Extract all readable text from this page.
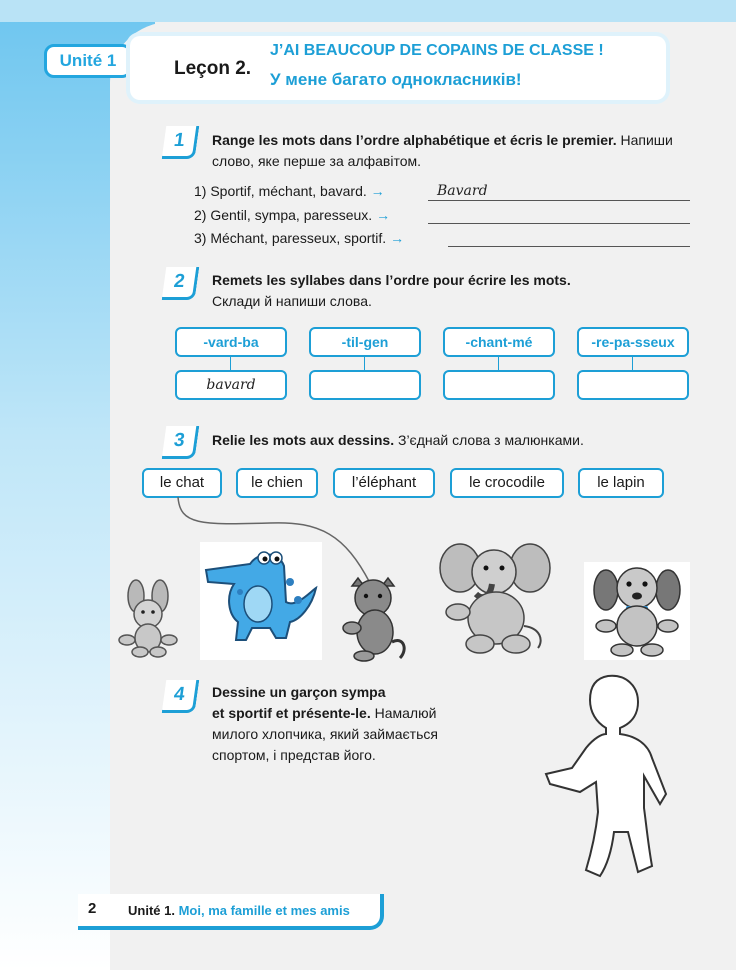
Unité 1	Leçon 2.
J’AI BEAUCOUP DE COPAINS DE CLASSE !
У мене багато однокласників!
1	Range les mots dans l’ordre alphabétique et écris le premier. Напиши слово, яке перше за алфавітом.
1) Sportif, méchant, bavard. →	Bavard
2) Gentil, sympa, paresseux. →
3) Méchant, paresseux, sportif. →
2	Remets les syllabes dans l’ordre pour écrire les mots.
Склади й напиши слова.
-vard-ba	-til-gen	-chant-mé	-re-pa-sseux
bavard
3	Relie les mots aux dessins. З’єднай слова з малюнками.
le chat	le chien	l’éléphant	le crocodile	le lapin
4	Dessine un garçon sympa
et sportif et présente-le. Намалюй
милого хлопчика, який займається
спортом, і представ його.
2 Unité 1. Moi, ma famille et mes amis
